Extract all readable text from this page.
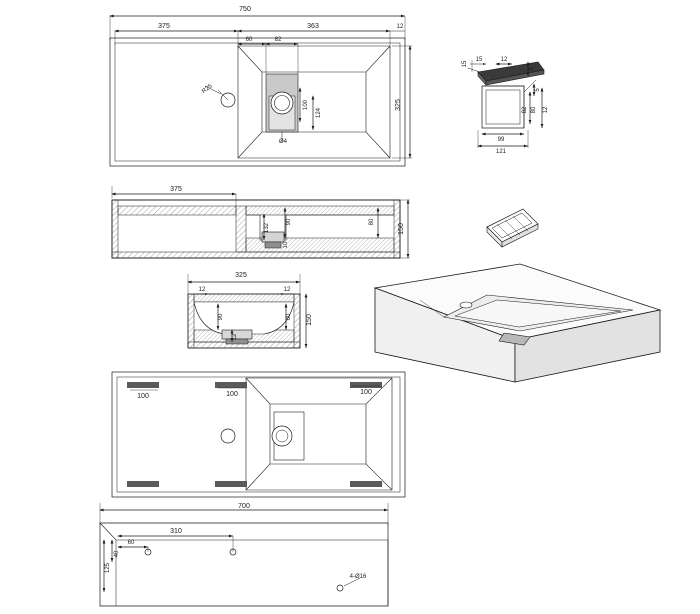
750
375	363	12
60	82
325
100
124
Ø4
R25
375
132
90	80
150
10
325
12	12
90
12
80 150
100	100	100
700
310
60
40
125
4-Ø16
15	12
5
5
12
82 80
99
121
15
